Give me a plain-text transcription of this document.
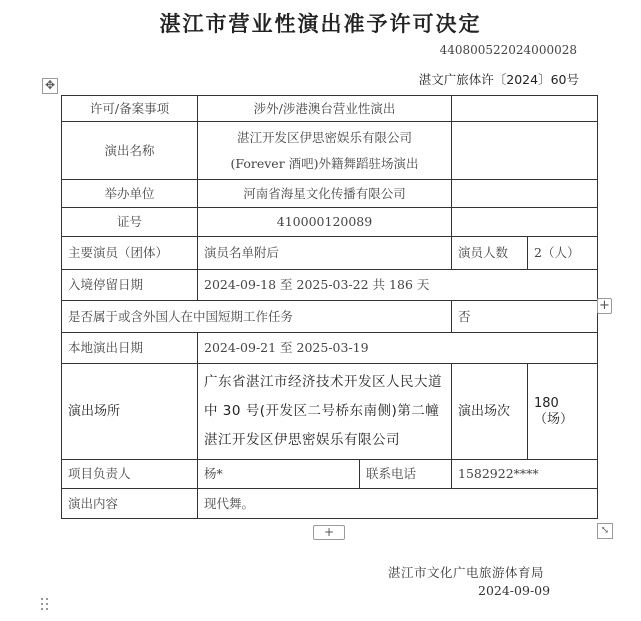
湛江市营业性演出准予许可决定
440800522024000028
湛文广旅体许〔2024〕60号
✥
许可/备案事项	涉外/涉港澳台营业性演出			
演出名称	湛江开发区伊思密娱乐有限公司
(Forever 酒吧)外籍舞蹈驻场演出			

举办单位	河南省海星文化传播有限公司			
证号	410000120089			
主要演员（团体）	演员名单附后		演员人数	2（人）
入境停留日期	2024-09-18 至 2025-03-22 共 186 天			
是否属于或含外国人在中国短期工作任务			否	
本地演出日期	2024-09-21 至 2025-03-19			
演出场所	广东省湛江市经济技术开发区人民大道中 30 号(开发区二号桥东南侧)第二幢湛江开发区伊思密娱乐有限公司		演出场次	180（场）
项目负责人	杨*	联系电话	1582922****	
演出内容	现代舞。			
+
+	⤡
湛江市文化广电旅游体育局
2024-09-09
